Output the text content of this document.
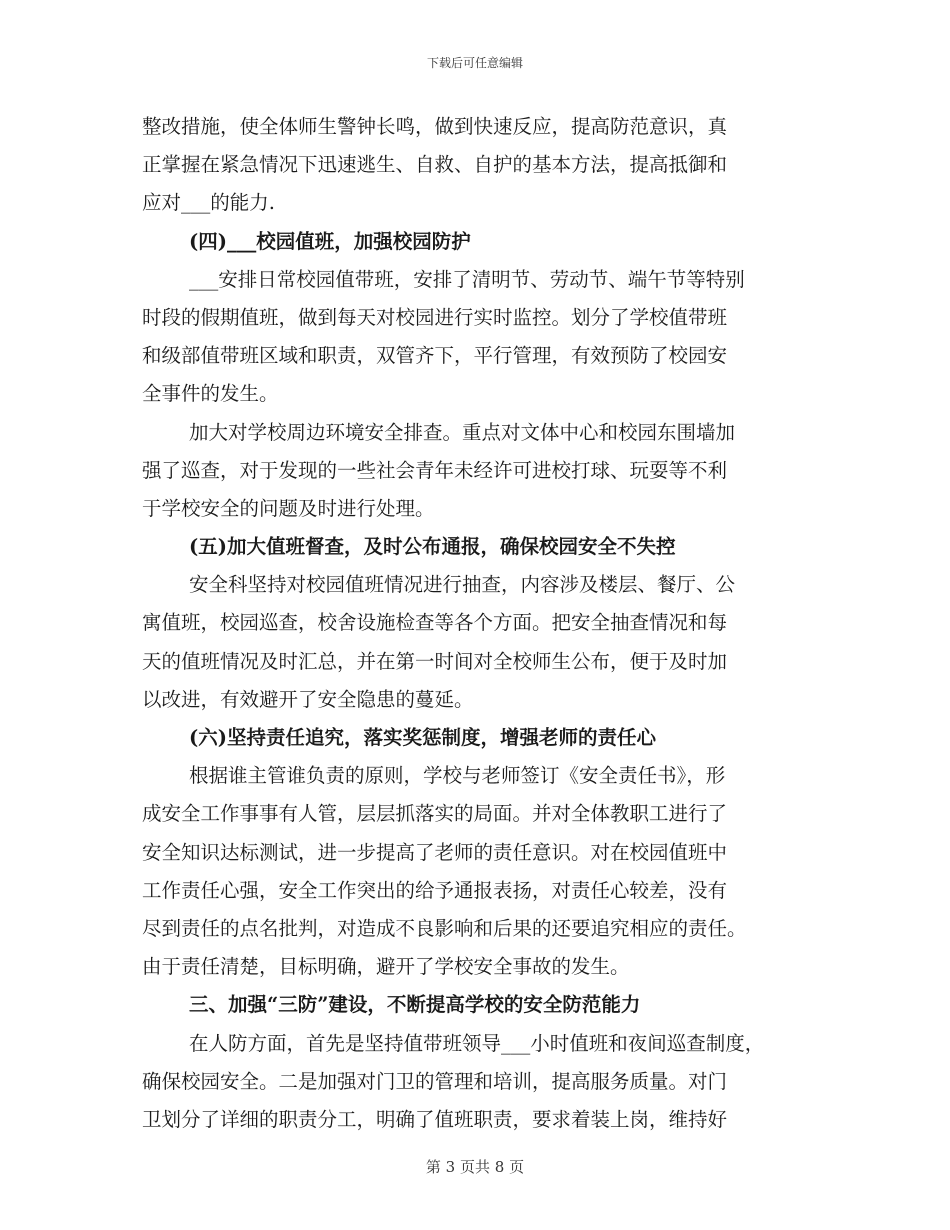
下载后可任意编辑
整改措施，使全体师生警钟长鸣，做到快速反应，提高防范意识，真
正掌握在紧急情况下迅速逃生、自救、自护的基本方法，提高抵御和
应对___的能力.
(四)___校园值班，加强校园防护
___安排日常校园值带班，安排了清明节、劳动节、端午节等特别
时段的假期值班，做到每天对校园进行实时监控。划分了学校值带班
和级部值带班区域和职责，双管齐下，平行管理，有效预防了校园安
全事件的发生。
加大对学校周边环境安全排查。重点对文体中心和校园东围墙加
强了巡查，对于发现的一些社会青年未经许可进校打球、玩耍等不利
于学校安全的问题及时进行处理。
(五)加大值班督查，及时公布通报，确保校园安全不失控
安全科坚持对校园值班情况进行抽查，内容涉及楼层、餐厅、公
寓值班，校园巡查，校舍设施检查等各个方面。把安全抽查情况和每
天的值班情况及时汇总，并在第一时间对全校师生公布，便于及时加
以改进，有效避开了安全隐患的蔓延。
(六)坚持责任追究，落实奖惩制度，增强老师的责任心
根据谁主管谁负责的原则，学校与老师签订《安全责任书》，形
成安全工作事事有人管，层层抓落实的局面。并对全体教职工进行了
安全知识达标测试，进一步提高了老师的责任意识。对在校园值班中
工作责任心强，安全工作突出的给予通报表扬，对责任心较差，没有
尽到责任的点名批判，对造成不良影响和后果的还要追究相应的责任。
由于责任清楚，目标明确，避开了学校安全事故的发生。
三、加强“三防”建设，不断提高学校的安全防范能力
在人防方面，首先是坚持值带班领导___小时值班和夜间巡查制度，
确保校园安全。二是加强对门卫的管理和培训，提高服务质量。对门
卫划分了详细的职责分工，明确了值班职责，要求着装上岗，维持好
第 3 页共 8 页
